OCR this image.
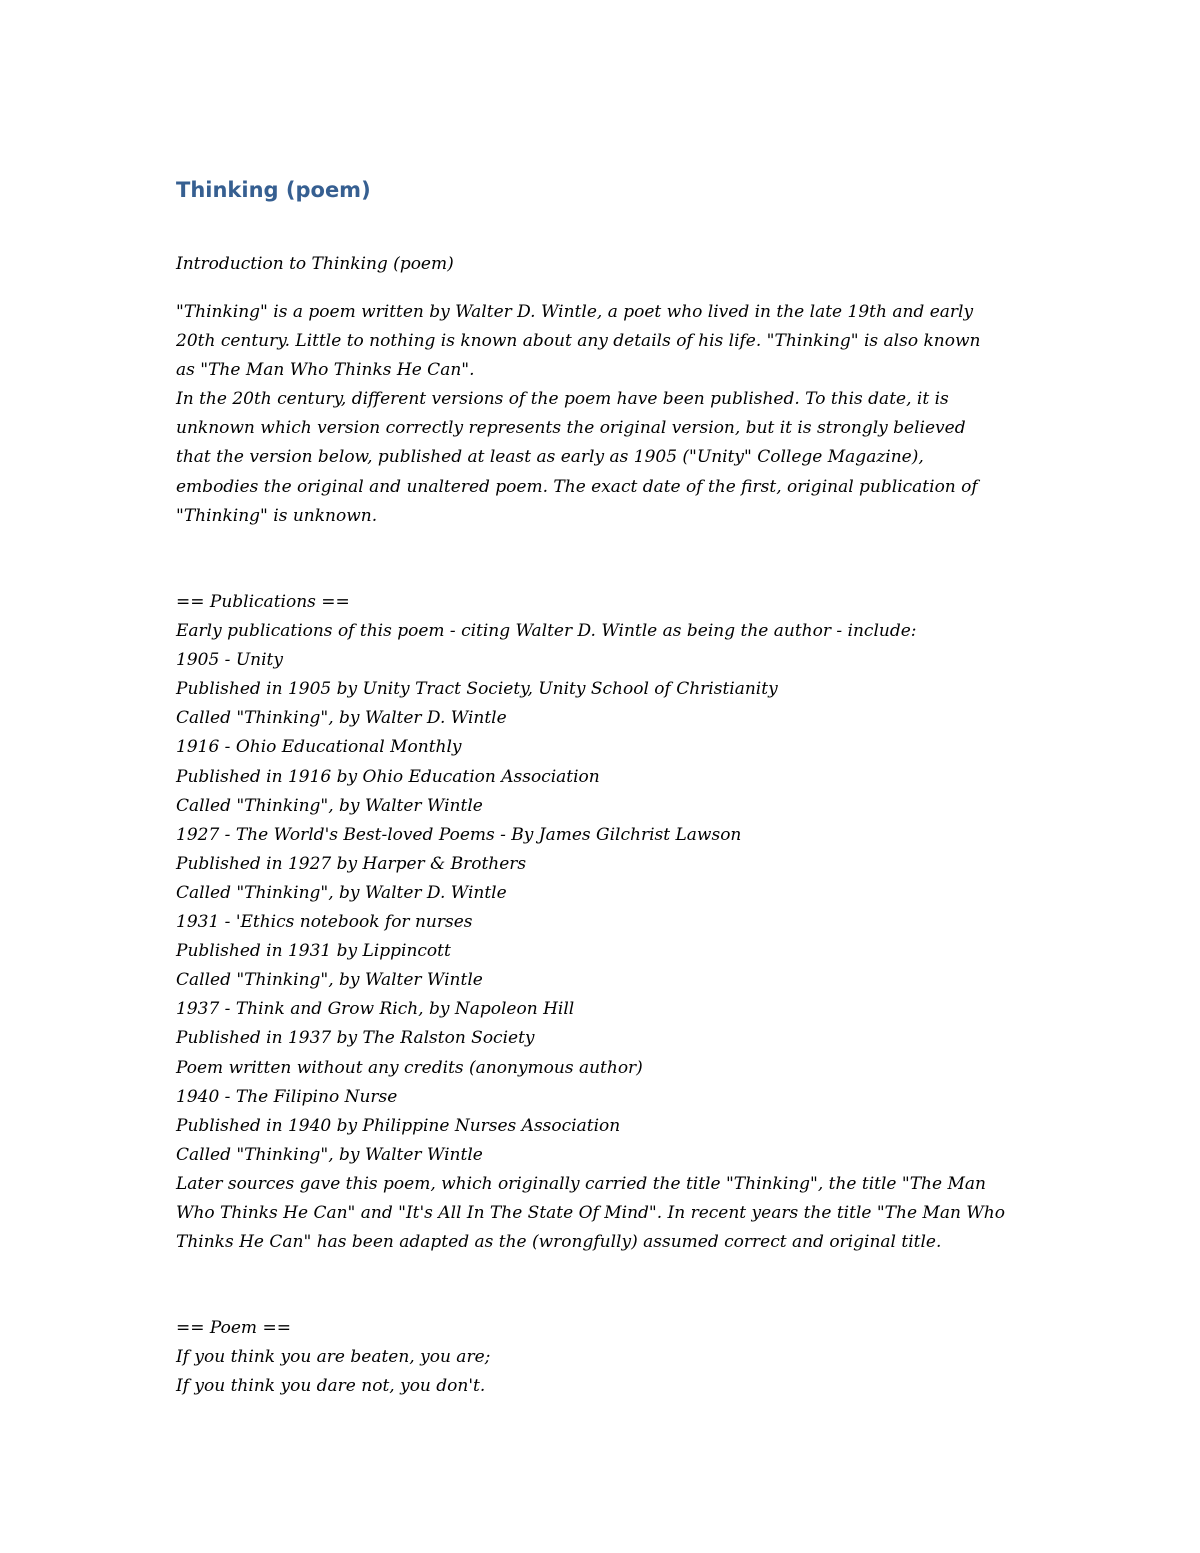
Thinking (poem)
Introduction to Thinking (poem)
"Thinking" is a poem written by Walter D. Wintle, a poet who lived in the late 19th and early
20th century. Little to nothing is known about any details of his life. "Thinking" is also known
as "The Man Who Thinks He Can".
In the 20th century, different versions of the poem have been published. To this date, it is
unknown which version correctly represents the original version, but it is strongly believed
that the version below, published at least as early as 1905 ("Unity" College Magazine),
embodies the original and unaltered poem. The exact date of the first, original publication of
"Thinking" is unknown.
== Publications ==
Early publications of this poem - citing Walter D. Wintle as being the author - include:
1905 - Unity
Published in 1905 by Unity Tract Society, Unity School of Christianity
Called "Thinking", by Walter D. Wintle
1916 - Ohio Educational Monthly
Published in 1916 by Ohio Education Association
Called "Thinking", by Walter Wintle
1927 - The World's Best-loved Poems - By James Gilchrist Lawson
Published in 1927 by Harper & Brothers
Called "Thinking", by Walter D. Wintle
1931 - 'Ethics notebook for nurses
Published in 1931 by Lippincott
Called "Thinking", by Walter Wintle
1937 - Think and Grow Rich, by Napoleon Hill
Published in 1937 by The Ralston Society
Poem written without any credits (anonymous author)
1940 - The Filipino Nurse
Published in 1940 by Philippine Nurses Association
Called "Thinking", by Walter Wintle
Later sources gave this poem, which originally carried the title "Thinking", the title "The Man
Who Thinks He Can" and "It's All In The State Of Mind". In recent years the title "The Man Who
Thinks He Can" has been adapted as the (wrongfully) assumed correct and original title.
== Poem ==
If you think you are beaten, you are;
If you think you dare not, you don't.
